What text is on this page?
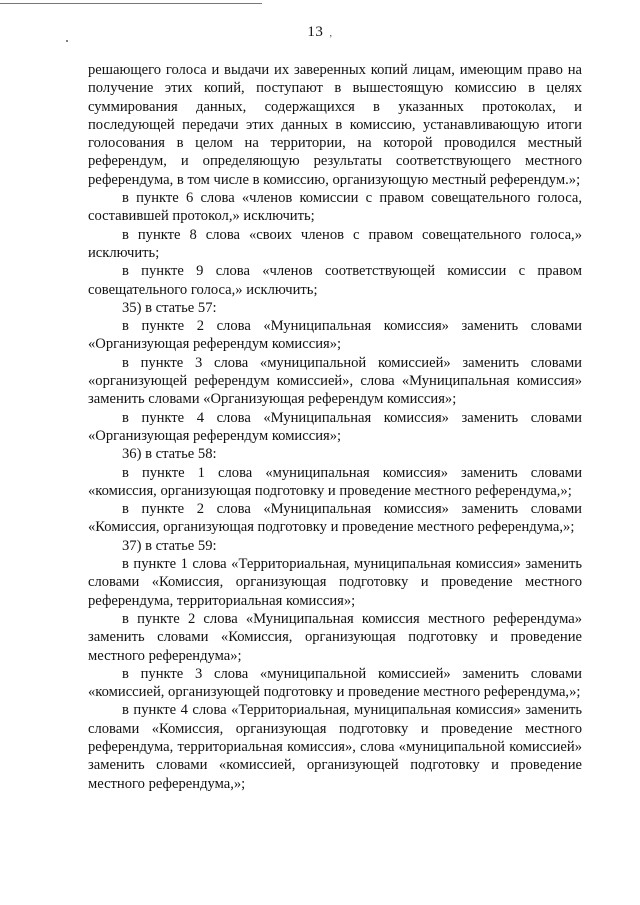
13 ,

решающего голоса и выдачи их заверенных копий лицам, имеющим право на получение этих копий, поступают в вышестоящую комиссию в целях суммирования данных, содержащихся в указанных протоколах, и последующей передачи этих данных в комиссию, устанавливающую итоги голосования в целом на территории, на которой проводился местный референдум, и определяющую результаты соответствующего местного референдума, в том числе в комиссию, организующую местный референдум.»;

в пункте 6 слова «членов комиссии с правом совещательного голоса, составившей протокол,» исключить;

в пункте 8 слова «своих членов с правом совещательного голоса,» исключить;

в пункте 9 слова «членов соответствующей комиссии с правом совещательного голоса,» исключить;

35) в статье 57:

в пункте 2 слова «Муниципальная комиссия» заменить словами «Организующая референдум комиссия»;

в пункте 3 слова «муниципальной комиссией» заменить словами «организующей референдум комиссией», слова «Муниципальная комиссия» заменить словами «Организующая референдум комиссия»;

в пункте 4 слова «Муниципальная комиссия» заменить словами «Организующая референдум комиссия»;

36) в статье 58:

в пункте 1 слова «муниципальная комиссия» заменить словами «комиссия, организующая подготовку и проведение местного референдума,»;

в пункте 2 слова «Муниципальная комиссия» заменить словами «Комиссия, организующая подготовку и проведение местного референдума,»;

37) в статье 59:

в пункте 1 слова «Территориальная, муниципальная комиссия» заменить словами «Комиссия, организующая подготовку и проведение местного референдума, территориальная комиссия»;

в пункте 2 слова «Муниципальная комиссия местного референдума» заменить словами «Комиссия, организующая подготовку и проведение местного референдума»;

в пункте 3 слова «муниципальной комиссией» заменить словами «комиссией, организующей подготовку и проведение местного референдума,»;

в пункте 4 слова «Территориальная, муниципальная комиссия» заменить словами «Комиссия, организующая подготовку и проведение местного референдума, территориальная комиссия», слова «муниципальной комиссией» заменить словами «комиссией, организующей подготовку и проведение местного референдума,»;
